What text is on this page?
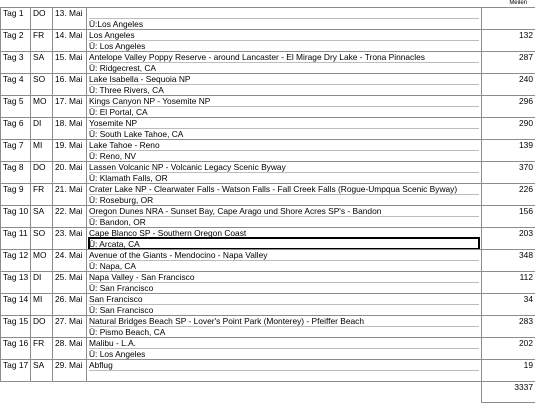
Meilen
Tag 1	DO	13. Mai	Ü:Los Angeles	

Tag 2	FR	14. Mai	Los Angeles
Ü: Los Angeles	132
Tag 3	SA	15. Mai	Antelope Valley Poppy Reserve - around Lancaster - El Mirage Dry Lake - Trona Pinnacles
Ü: Ridgecrest, CA	287
Tag 4	SO	16. Mai	Lake Isabella - Sequoia NP
Ü: Three Rivers, CA	240
Tag 5	MO	17. Mai	Kings Canyon NP - Yosemite NP
Ü: El Portal, CA	296
Tag 6	DI	18. Mai	Yosemite NP
Ü: South Lake Tahoe, CA	290
Tag 7	MI	19. Mai	Lake Tahoe - Reno
Ü: Reno, NV	139
Tag 8	DO	20. Mai	Lassen Volcanic NP - Volcanic Legacy Scenic Byway
Ü: Klamath Falls, OR	370
Tag 9	FR	21. Mai	Crater Lake NP - Clearwater Falls - Watson Falls - Fall Creek Falls (Rogue-Umpqua Scenic Byway)
Ü: Roseburg, OR	226
Tag 10	SA	22. Mai	Oregon Dunes NRA - Sunset Bay, Cape Arago und Shore Acres SP's - Bandon
Ü: Bandon, OR	156
Tag 11	SO	23. Mai	Cape Blanco SP - Southern Oregon Coast
Ü: Arcata, CA	203
Tag 12	MO	24. Mai	Avenue of the Giants - Mendocino - Napa Valley
Ü: Napa, CA	348
Tag 13	DI	25. Mai	Napa Valley - San Francisco
Ü: San Francisco	112
Tag 14	MI	26. Mai	San Francisco
Ü: San Francisco	34
Tag 15	DO	27. Mai	Natural Bridges Beach SP - Lover's Point Park (Monterey) - Pfeiffer Beach
Ü: Pismo Beach, CA	283
Tag 16	FR	28. Mai	Malibu - L.A.
Ü: Los Angeles	202
Tag 17	SA	29. Mai	Abflug	19
				3337
